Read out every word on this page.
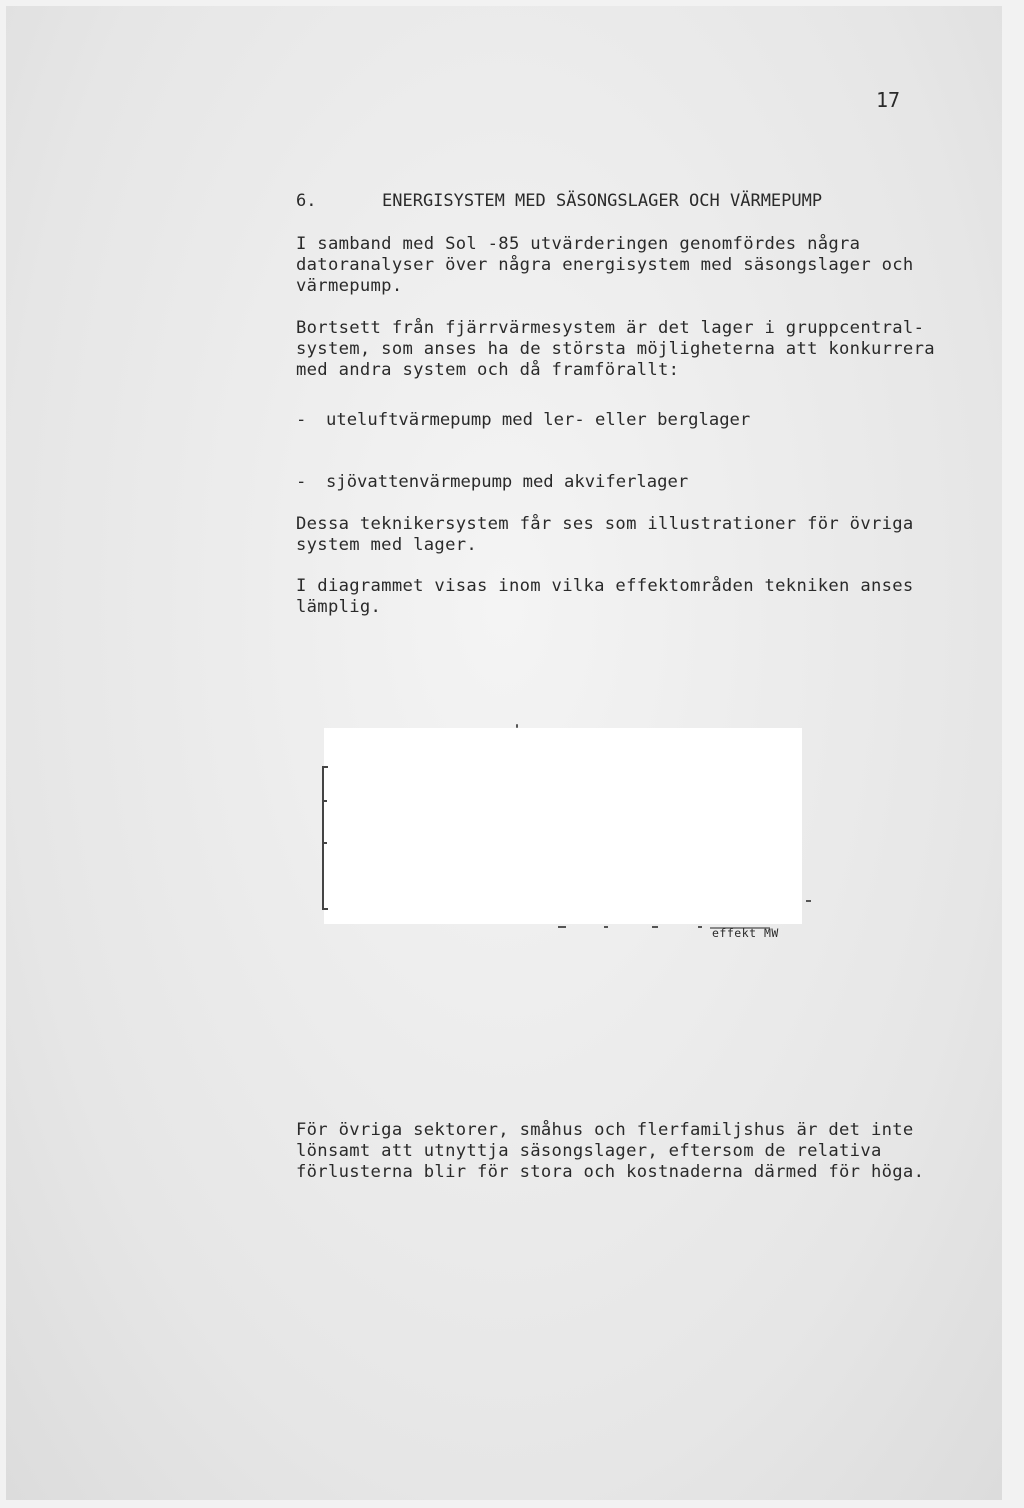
17
6.	ENERGISYSTEM MED SÄSONGSLAGER OCH VÄRMEPUMP
I samband med Sol -85 utvärderingen genomfördes några
datoranalyser över några energisystem med säsongslager och
värmepump.
Bortsett från fjärrvärmesystem är det lager i gruppcentral-
system, som anses ha de största möjligheterna att konkurrera
med andra system och då framförallt:
- uteluftvärmepump med ler- eller berglager
- sjövattenvärmepump med akviferlager
Dessa teknikersystem får ses som illustrationer för övriga
system med lager.
I diagrammet visas inom vilka effektområden tekniken anses
lämplig.
effekt MW
För övriga sektorer, småhus och flerfamiljshus är det inte
lönsamt att utnyttja säsongslager, eftersom de relativa
förlusterna blir för stora och kostnaderna därmed för höga.
